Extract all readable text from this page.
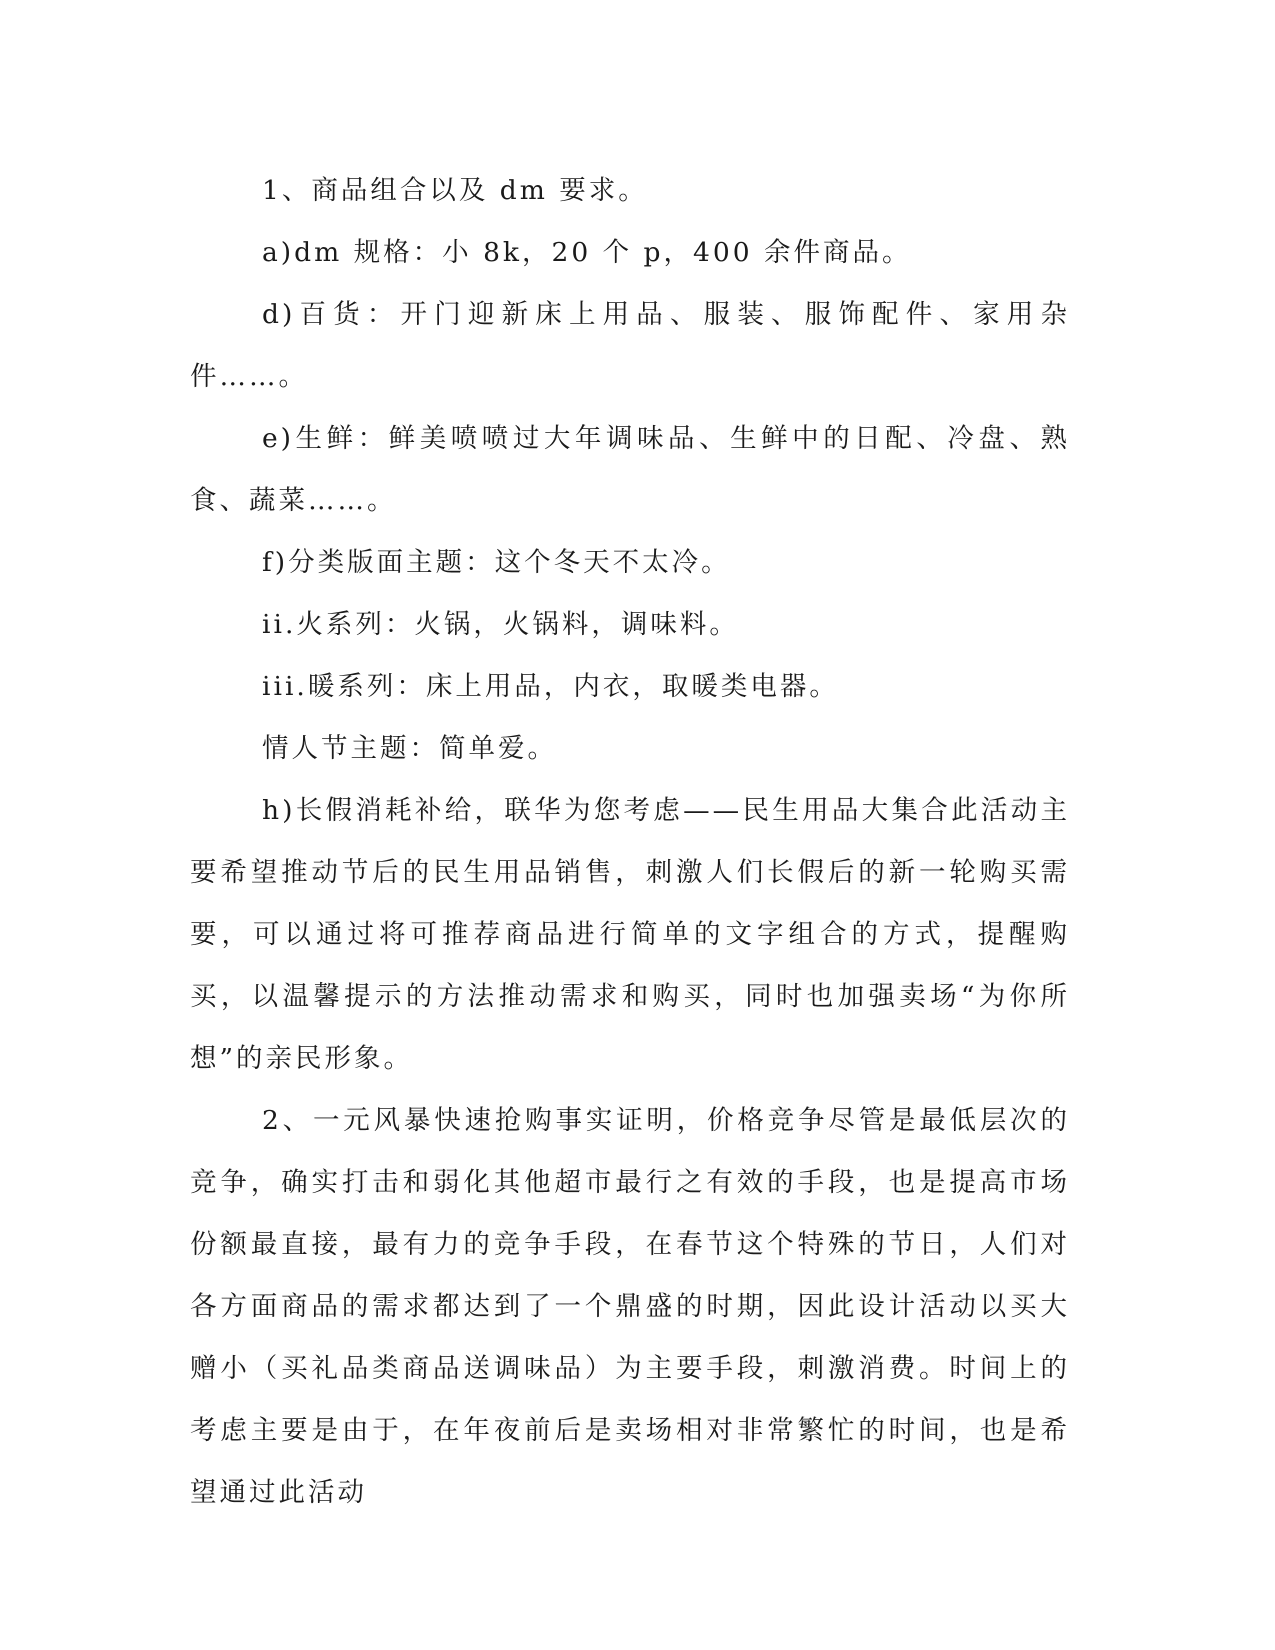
1、商品组合以及 dm 要求。

a)dm 规格：小 8k，20 个 p，400 余件商品。

d)百货：开门迎新床上用品、服装、服饰配件、家用杂件……。

e)生鲜：鲜美喷喷过大年调味品、生鲜中的日配、冷盘、熟食、蔬菜……。

f)分类版面主题：这个冬天不太冷。

ii.火系列：火锅，火锅料，调味料。

iii.暖系列：床上用品，内衣，取暖类电器。

情人节主题：简单爱。

h)长假消耗补给，联华为您考虑——民生用品大集合此活动主要希望推动节后的民生用品销售，刺激人们长假后的新一轮购买需要，可以通过将可推荐商品进行简单的文字组合的方式，提醒购买，以温馨提示的方法推动需求和购买，同时也加强卖场“为你所想”的亲民形象。

2、一元风暴快速抢购事实证明，价格竞争尽管是最低层次的竞争，确实打击和弱化其他超市最行之有效的手段，也是提高市场份额最直接，最有力的竞争手段，在春节这个特殊的节日，人们对各方面商品的需求都达到了一个鼎盛的时期，因此设计活动以买大赠小（买礼品类商品送调味品）为主要手段，刺激消费。时间上的考虑主要是由于，在年夜前后是卖场相对非常繁忙的时间，也是希望通过此活动
